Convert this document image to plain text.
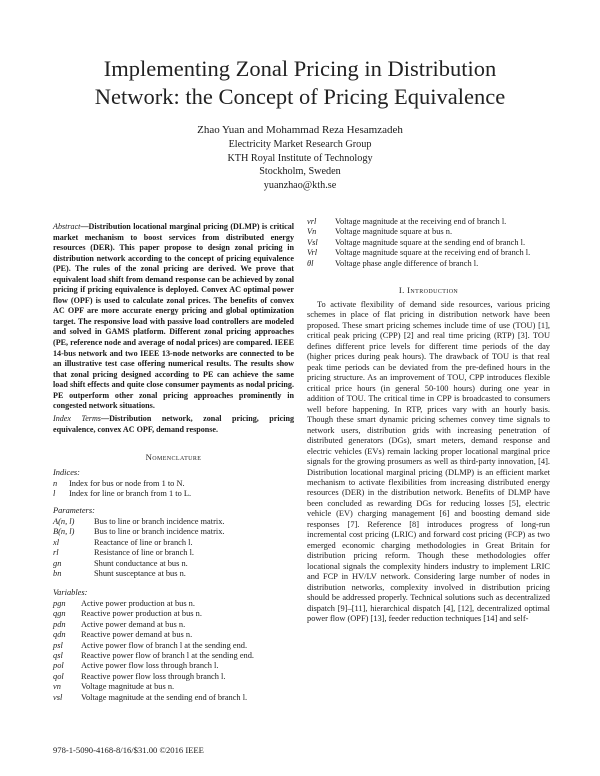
Implementing Zonal Pricing in Distribution
Network: the Concept of Pricing Equivalence
Zhao Yuan and Mohammad Reza Hesamzadeh
Electricity Market Research Group
KTH Royal Institute of Technology
Stockholm, Sweden
yuanzhao@kth.se
Abstract—Distribution locational marginal pricing (DLMP) is critical market mechanism to boost services from distributed energy resources (DER). This paper propose to design zonal pricing in distribution network according to the concept of pricing equivalence (PE). The rules of the zonal pricing are derived. We prove that equivalent load shift from demand response can be achieved by zonal pricing if pricing equivalence is deployed. Convex AC optimal power flow (OPF) is used to calculate zonal prices. The benefits of convex AC OPF are more accurate energy pricing and global optimization target. The responsive load with passive load controllers are modeled and solved in GAMS platform. Different zonal pricing approaches (PE, reference node and average of nodal prices) are compared. IEEE 14-bus network and two IEEE 13-node networks are connected to be an illustrative test case offering numerical results. The results show that zonal pricing designed according to PE can achieve the same load shift effects and quite close consumer payments as nodal pricing. PE outperform other zonal pricing approaches prominently in congested network situations.
Index Terms—Distribution network, zonal pricing, pricing equivalence, convex AC OPF, demand response.
Nomenclature
Indices:
n Index for bus or node from 1 to N.
l Index for line or branch from 1 to L.
Parameters:
A(n, l) Bus to line or branch incidence matrix.
B(n, l) Bus to line or branch incidence matrix.
xl	Reactance of line or branch l.
rl	Resistance of line or branch l.
gn	Shunt conductance at bus n.
bn	Shunt susceptance at bus n.
Variables:
pgn Active power production at bus n.
qgn Reactive power production at bus n.
pdn Active power demand at bus n.
qdn Reactive power demand at bus n.
psl Active power flow of branch l at the sending end.
qsl Reactive power flow of branch l at the sending end.
pol Active power flow loss through branch l.
qol Reactive power flow loss through branch l.
vn Voltage magnitude at bus n.
vsl Voltage magnitude at the sending end of branch l.
vrl Voltage magnitude at the receiving end of branch l.
Vn Voltage magnitude square at bus n.
Vsl Voltage magnitude square at the sending end of branch l.
Vrl Voltage magnitude square at the receiving end of branch l.
θl	Voltage phase angle difference of branch l.
I. Introduction

To activate flexibility of demand side resources, various pricing schemes in place of flat pricing in distribution network have been proposed. These smart pricing schemes include time of use (TOU) [1], critical peak pricing (CPP) [2] and real time pricing (RTP) [3]. TOU defines different price levels for different time periods of the day (higher prices during peak hours). The drawback of TOU is that real peak time periods can be deviated from the pre-defined hours in the pricing structure. As an improvement of TOU, CPP introduces flexible critical price hours (in general 50-100 hours) during one year in addition of TOU. The critical time in CPP is broadcasted to consumers well before happening. In RTP, prices vary with an hourly basis. Though these smart dynamic pricing schemes convey time signals to network users, distribution grids with increasing penetration of distributed generators (DGs), smart meters, demand response and electric vehicles (EVs) remain lacking proper locational marginal price signals for the growing prosumers as well as third-party innovation, [4]. Distribution locational marginal pricing (DLMP) is an efficient market mechanism to activate flexibilities from increasing distributed energy resources (DER) in the distribution network. Benefits of DLMP have been concluded as rewarding DGs for reducing losses [5], electric vehicle (EV) charging management [6] and boosting demand side responses [7]. Reference [8] introduces progress of long-run incremental cost pricing (LRIC) and forward cost pricing (FCP) as two emerged economic charging methodologies in Great Britain for distribution pricing reform. Though these methodologies offer locational signals the complexity hinders industry to implement LRIC and FCP in HV/LV network. Considering large number of nodes in distribution networks, complexity involved in distribution pricing should be addressed properly. Technical solutions such as decentralized dispatch [9]–[11], hierarchical dispatch [4], [12], decentralized optimal power flow (OPF) [13], feeder reduction techniques [14] and self-

978-1-5090-4168-8/16/$31.00 ©2016 IEEE
